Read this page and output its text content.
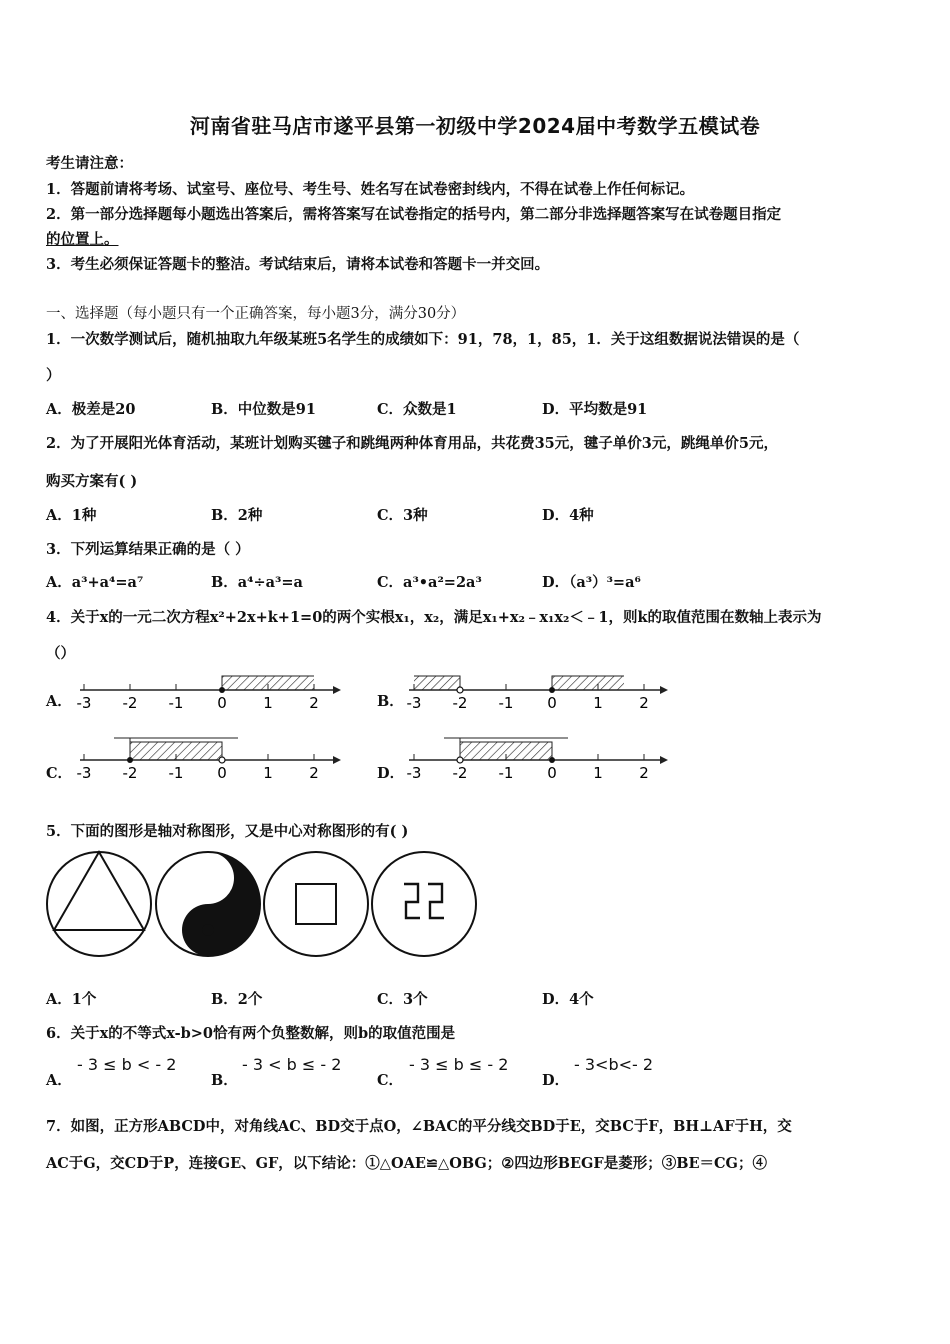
河南省驻马店市遂平县第一初级中学2024届中考数学五模试卷
考生请注意：
1．答题前请将考场、试室号、座位号、考生号、姓名写在试卷密封线内，不得在试卷上作任何标记。
2．第一部分选择题每小题选出答案后，需将答案写在试卷指定的括号内，第二部分非选择题答案写在试卷题目指定
的位置上。
3．考生必须保证答题卡的整洁。考试结束后，请将本试卷和答题卡一并交回。
一、选择题（每小题只有一个正确答案，每小题3分，满分30分）
1．一次数学测试后，随机抽取九年级某班5名学生的成绩如下：91，78，1，85，1．关于这组数据说法错误的是（
）
A．极差是20	B．中位数是91	C．众数是1	D．平均数是91
2．为了开展阳光体育活动，某班计划购买毽子和跳绳两种体育用品，共花费35元，毽子单价3元，跳绳单价5元，
购买方案有( )
A．1种	B．2种	C．3种	D．4种
3．下列运算结果正确的是（ ）
A．a³+a⁴=a⁷	B．a⁴÷a³=a	C．a³•a²=2a³	D．（a³）³=a⁶
4．关于x的一元二次方程x²+2x+k+1=0的两个实根x₁，x₂，满足x₁+x₂﹣x₁x₂＜﹣1，则k的取值范围在数轴上表示为
（）
A．	B．
C．	D．
-3 -2 -1 0 1 2	-3 -2 -1 0 1 2
-3 -2 -1 0 1 2	-3 -2 -1 0 1 2
5．下面的图形是轴对称图形，又是中心对称图形的有( )
A．1个	B．2个	C．3个	D．4个
6．关于x的不等式x-b>0恰有两个负整数解，则b的取值范围是
A．
- 3 ≤ b < - 2
B．
- 3 < b ≤ - 2
C．
- 3 ≤ b ≤ - 2
D．
- 3<b<- 2
7．如图，正方形ABCD中，对角线AC、BD交于点O，∠BAC的平分线交BD于E，交BC于F，BH⊥AF于H，交
AC于G，交CD于P，连接GE、GF，以下结论：①△OAE≌△OBG；②四边形BEGF是菱形；③BE＝CG；④
